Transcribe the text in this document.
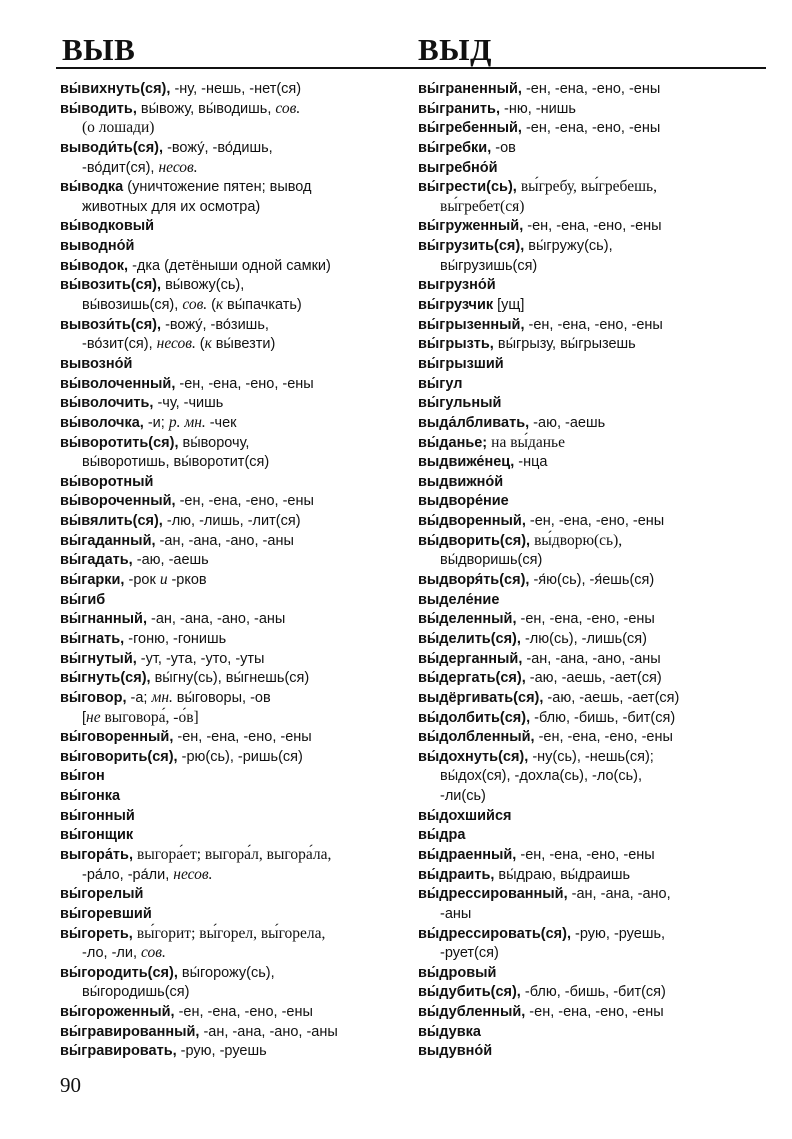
ВЫВ	ВЫД
вы́вихнуть(ся), -ну, -нешь, -нет(ся)
вы́водить, вы́вожу, вы́водишь, сов.
(о лошади)
выводи́ть(ся), -вожу́, -во́дишь,
-во́дит(ся), несов.
вы́водка (уничтожение пятен; вывод
животных для их осмотра)
вы́водковый
выводно́й
вы́водок, -дка (детёныши одной самки)
вы́возить(ся), вы́вожу(сь),
вы́возишь(ся), сов. (к вы́пачкать)
вывози́ть(ся), -вожу́, -во́зишь,
-во́зит(ся), несов. (к вы́везти)
вывозно́й
вы́волоченный, -ен, -ена, -ено, -ены
вы́волочить, -чу, -чишь
вы́волочка, -и; р. мн. -чек
вы́воротить(ся), вы́ворочу,
вы́воротишь, вы́воротит(ся)
вы́воротный
вы́вороченный, -ен, -ена, -ено, -ены
вы́вялить(ся), -лю, -лишь, -лит(ся)
вы́гаданный, -ан, -ана, -ано, -аны
вы́гадать, -аю, -аешь
вы́гарки, -рок и -рков
вы́гиб
вы́гнанный, -ан, -ана, -ано, -аны
вы́гнать, -гоню, -гонишь
вы́гнутый, -ут, -ута, -уто, -уты
вы́гнуть(ся), вы́гну(сь), вы́гнешь(ся)
вы́говор, -а; мн. вы́говоры, -ов
[не выговора́, -о́в]
вы́говоренный, -ен, -ена, -ено, -ены
вы́говорить(ся), -рю(сь), -ришь(ся)
вы́гон
вы́гонка
вы́гонный
вы́гонщик
выгора́ть, выгора́ет; выгора́л, выгора́ла,
-ра́ло, -ра́ли, несов.
вы́горелый
вы́горевший
вы́гореть, вы́горит; вы́горел, вы́горела,
-ло, -ли, сов.
вы́городить(ся), вы́горожу(сь),
вы́городишь(ся)
вы́гороженный, -ен, -ена, -ено, -ены
вы́гравированный, -ан, -ана, -ано, -аны
вы́гравировать, -рую, -руешь
вы́граненный, -ен, -ена, -ено, -ены
вы́гранить, -ню, -нишь
вы́гребенный, -ен, -ена, -ено, -ены
вы́гребки, -ов
выгребно́й
вы́грести(сь), вы́гребу, вы́гребешь,
вы́гребет(ся)
вы́груженный, -ен, -ена, -ено, -ены
вы́грузить(ся), вы́гружу(сь),
вы́грузишь(ся)
выгрузно́й
вы́грузчик [ущ]
вы́грызенный, -ен, -ена, -ено, -ены
вы́грызть, вы́грызу, вы́грызешь
вы́грызший
вы́гул
вы́гульный
выда́лбливать, -аю, -аешь
вы́данье; на вы́данье
выдвиже́нец, -нца
выдвижно́й
выдворе́ние
вы́дворенный, -ен, -ена, -ено, -ены
вы́дворить(ся), вы́дворю(сь),
вы́дворишь(ся)
выдворя́ть(ся), -я́ю(сь), -я́ешь(ся)
выделе́ние
вы́деленный, -ен, -ена, -ено, -ены
вы́делить(ся), -лю(сь), -лишь(ся)
вы́дерганный, -ан, -ана, -ано, -аны
вы́дергать(ся), -аю, -аешь, -ает(ся)
выдёргивать(ся), -аю, -аешь, -ает(ся)
вы́долбить(ся), -блю, -бишь, -бит(ся)
вы́долбленный, -ен, -ена, -ено, -ены
вы́дохнуть(ся), -ну(сь), -нешь(ся);
вы́дох(ся), -дохла(сь), -ло(сь),
-ли(сь)
вы́дохшийся
вы́дра
вы́драенный, -ен, -ена, -ено, -ены
вы́драить, вы́драю, вы́драишь
вы́дрессированный, -ан, -ана, -ано,
-аны
вы́дрессировать(ся), -рую, -руешь,
-рует(ся)
вы́дровый
вы́дубить(ся), -блю, -бишь, -бит(ся)
вы́дубленный, -ен, -ена, -ено, -ены
вы́дувка
выдувно́й
90
